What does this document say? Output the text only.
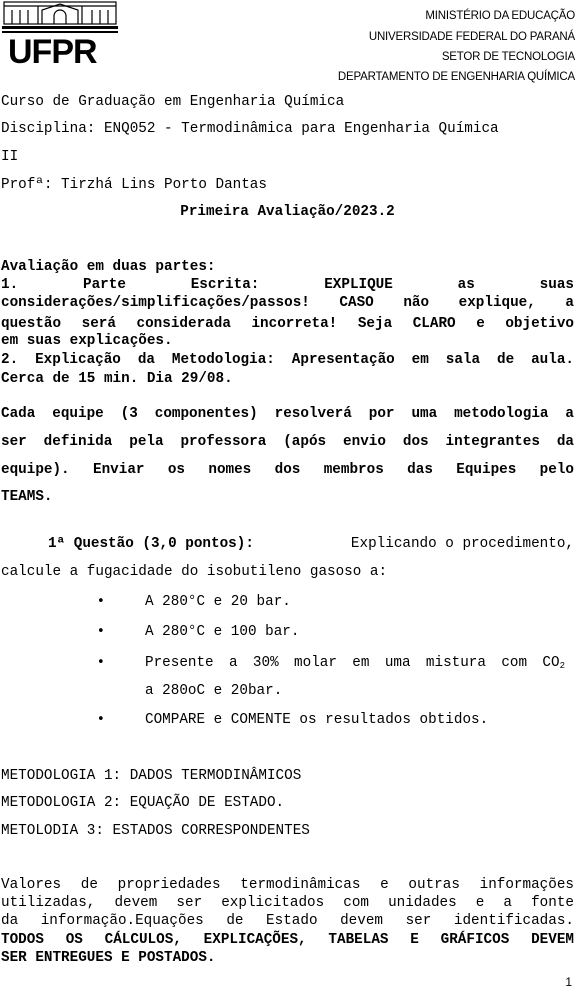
UFPR
MINISTÉRIO DA EDUCAÇÃO
UNIVERSIDADE FEDERAL DO PARANÁ
SETOR DE TECNOLOGIA
DEPARTAMENTO DE ENGENHARIA QUÍMICA
Curso de Graduação em Engenharia Química
Disciplina: ENQ052 - Termodinâmica para Engenharia Química
II
Profª: Tirzhá Lins Porto Dantas
Primeira Avaliação/2023.2
Avaliação em duas partes:
1. Parte Escrita: EXPLIQUE as suas
considerações/simplificações/passos! CASO não explique, a
questão será considerada incorreta! Seja CLARO e objetivo
em suas explicações.
2. Explicação da Metodologia: Apresentação em sala de aula.
Cerca de 15 min. Dia 29/08.
Cada equipe (3 componentes) resolverá por uma metodologia a
ser definida pela professora (após envio dos integrantes da
equipe). Enviar os nomes dos membros das Equipes pelo
TEAMS.
1ª Questão (3,0 pontos):	Explicando o procedimento,
calcule a fugacidade do isobutileno gasoso a:
•	A 280°C e 20 bar.
•	A 280°C e 100 bar.
•	Presente a 30% molar em uma mistura com $CO_2$
a 280oC e 20bar.
•	COMPARE e COMENTE os resultados obtidos.
METODOLOGIA 1: DADOS TERMODINÂMICOS
METODOLOGIA 2: EQUAÇÃO DE ESTADO.
METOLODIA 3: ESTADOS CORRESPONDENTES
Valores de propriedades termodinâmicas e outras informações
utilizadas, devem ser explicitados com unidades e a fonte
da informação.Equações de Estado devem ser identificadas.
TODOS OS CÁLCULOS, EXPLICAÇÕES, TABELAS E GRÁFICOS DEVEM
SER ENTREGUES E POSTADOS.
1
